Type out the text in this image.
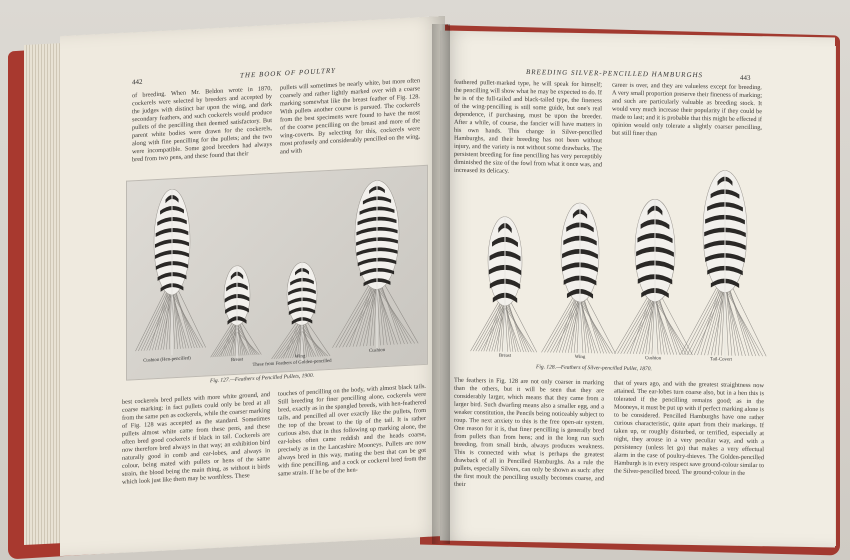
442
THE BOOK OF POULTRY
of breeding. When Mr. Beldon wrote in 1870, cockerels were selected by breeders and accepted by the judges with distinct bar upon the wing, and dark secondary feathers, and such cockerels would produce pullets of the pencilling then deemed satisfactory. But parent white bodies were drawn for the cockerels, along with fine pencilling for the pullets; and the two were incompatible. Some good breeders had always bred from two pens, and these found that their
pullets will sometimes be nearly white, but more often coarsely and rather lightly marked over with a coarse marking somewhat like the breast feather of Fig. 128. With pullets another course is pursued. The cockerels from the best specimens were found to have the most of the coarse pencilling on the breast and more of the wing-coverts. By selecting for this, cockerels were most profusely and considerably pencilled on the wing, and with
Cushion (Hen-pencilled)	Breast
Wing
Cushion
These from Feathers of Golden-pencilled
Fig. 127.—Feathers of Pencilled Pullets, 1900.
best cockerels bred pullets with more white ground, and coarse marking: in fact pullets could only be bred at all from the same pen as cockerels, while the coarser marking of Fig. 128 was accepted as the standard. Sometimes pullets almost white came from these pens, and these often bred good cockerels if black in tail. Cockerels are now therefore bred always in that way; an exhibition bird naturally good in comb and ear-lobes, and always in colour, being mated with pullets or hens of the same strain, the blood being the main thing, as without it birds which look just like them may be worthless. These
touches of pencilling on the body, with almost black tails. Still breeding for finer pencilling alone, cockerels were bred, exactly as in the spangled breeds, with hen-feathered tails, and pencilled all over exactly like the pullets, from the top of the breast to the tip of the tail. It is rather curious also, that in thus following up marking alone, the ear-lobes often came reddish and the heads coarse, precisely as in the Lancashire Mooneys. Pullets are now always bred in this way, mating the best that can be got with fine pencilling, and a cock or cockerel bred from the same strain. If he be of the hen-
BREEDING SILVER-PENCILLED HAMBURGHS	443
feathered pullet-marked type, he will speak for himself; the pencilling will show what he may be expected to do. If he is of the full-tailed and black-tailed type, the fineness of the wing-pencilling is still some guide, but one's real dependence, if purchasing, must be upon the breeder. After a while, of course, the fancier will have matters in his own hands. This change in Silver-pencilled Hamburghs, and their breeding has not been without injury, and the variety is not without some drawbacks. The persistent breeding for fine pencilling has very perceptibly diminished the size of the fowl from what it once was, and increased its delicacy.
career is over, and they are valueless except for breeding. A very small proportion preserve their fineness of marking; and such are particularly valuable as breeding stock. It would very much increase their popularity if they could be made to last; and it is probable that this might be effected if opinion would only tolerate a slightly coarser pencilling, but still finer than
Breast	Wing	Cushion	Tail-Covert
Fig. 128.—Feathers of Silver-pencilled Pullet, 1870.
The feathers in Fig. 128 are not only coarser in marking than the others, but it will be seen that they are considerably larger, which means that they came from a larger bird. Such dwarfing means also a smaller egg, and a weaker constitution, the Pencils being noticeably subject to roup. The next anxiety to this is the free open-air system. One reason for it is, that finer pencilling is generally bred from pullets than from hens; and in the long run such breeding, from small birds, always produces weakness. This is connected with what is perhaps the greatest drawback of all in Pencilled Hamburghs. As a rule the pullets, especially Silvers, can only be shown as such: after the first moult the pencilling usually becomes coarse, and their
that of years ago, and with the greatest straightness now attained. The ear-lobes turn coarse also, but in a hen this is tolerated if the pencilling remains good; as in the Mooneys, it must be put up with if perfect marking alone is to be considered. Pencilled Hamburghs have one rather curious characteristic, quite apart from their markings. If taken up, or roughly disturbed, or terrified, especially at night, they arouse in a very peculiar way, and with a persistency (unless let go) that makes a very effectual alarm in the case of poultry-thieves. The Golden-pencilled Hamburgh is in every respect save ground-colour similar to the Silver-pencilled breed. The ground-colour in the
